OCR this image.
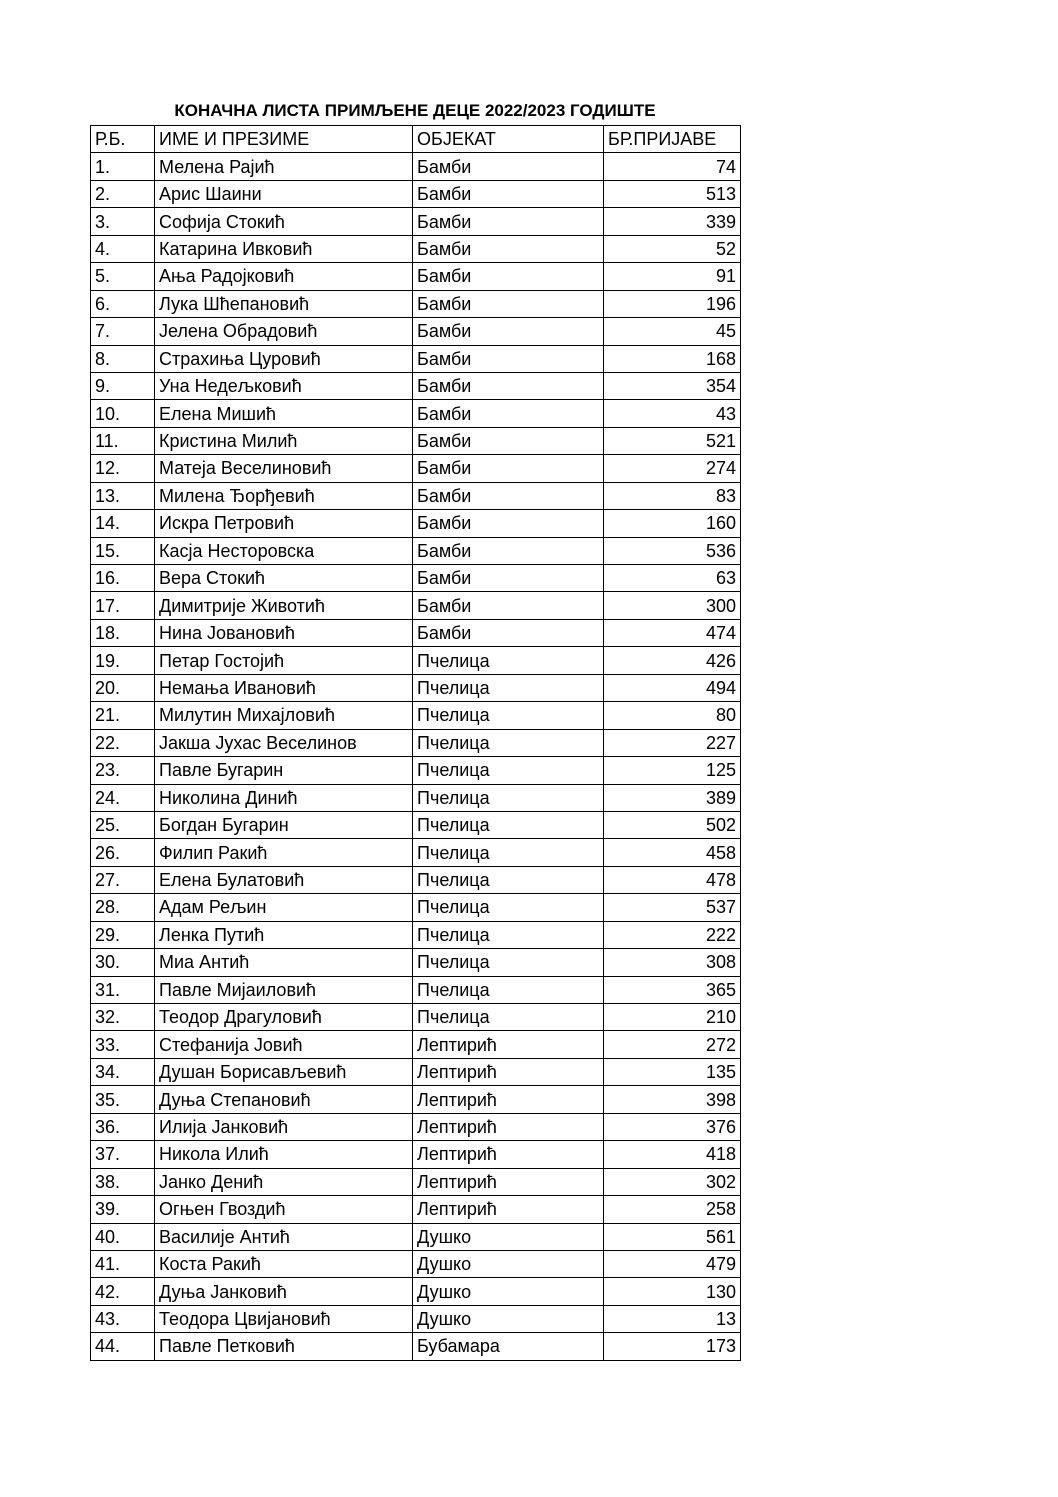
КОНАЧНА ЛИСТА ПРИМЉЕНЕ ДЕЦЕ 2022/2023 ГОДИШТЕ
Р.Б.	ИМЕ И ПРЕЗИМЕ	ОБЈЕКАТ	БР.ПРИЈАВЕ
1.	Мелена Рајић	Бамби	74
2.	Арис Шаини	Бамби	513
3.	Софија Стокић	Бамби	339
4.	Катарина Ивковић	Бамби	52
5.	Ања Радојковић	Бамби	91
6.	Лука Шћепановић	Бамби	196
7.	Јелена Обрадовић	Бамби	45
8.	Страхиња Цуровић	Бамби	168
9.	Уна Недељковић	Бамби	354
10.	Елена Мишић	Бамби	43
11.	Кристина Милић	Бамби	521
12.	Матеја Веселиновић	Бамби	274
13.	Милена Ђорђевић	Бамби	83
14.	Искра Петровић	Бамби	160
15.	Касја Несторовска	Бамби	536
16.	Вера Стокић	Бамби	63
17.	Димитрије Животић	Бамби	300
18.	Нина Јовановић	Бамби	474
19.	Петар Гостојић	Пчелица	426
20.	Немања Ивановић	Пчелица	494
21.	Милутин Михајловић	Пчелица	80
22.	Јакша Јухас Веселинов	Пчелица	227
23.	Павле Бугарин	Пчелица	125
24.	Николина Динић	Пчелица	389
25.	Богдан Бугарин	Пчелица	502
26.	Филип Ракић	Пчелица	458
27.	Елена Булатовић	Пчелица	478
28.	Адам Рељин	Пчелица	537
29.	Ленка Путић	Пчелица	222
30.	Миа Антић	Пчелица	308
31.	Павле Мијаиловић	Пчелица	365
32.	Теодор Драгуловић	Пчелица	210
33.	Стефанија Јовић	Лептирић	272
34.	Душан Борисављевић	Лептирић	135
35.	Дуња Степановић	Лептирић	398
36.	Илија Јанковић	Лептирић	376
37.	Никола Илић	Лептирић	418
38.	Јанко Денић	Лептирић	302
39.	Огњен Гвоздић	Лептирић	258
40.	Василије Антић	Душко	561
41.	Коста Ракић	Душко	479
42.	Дуња Јанковић	Душко	130
43.	Теодора Цвијановић	Душко	13
44.	Павле Петковић	Бубамара	173
